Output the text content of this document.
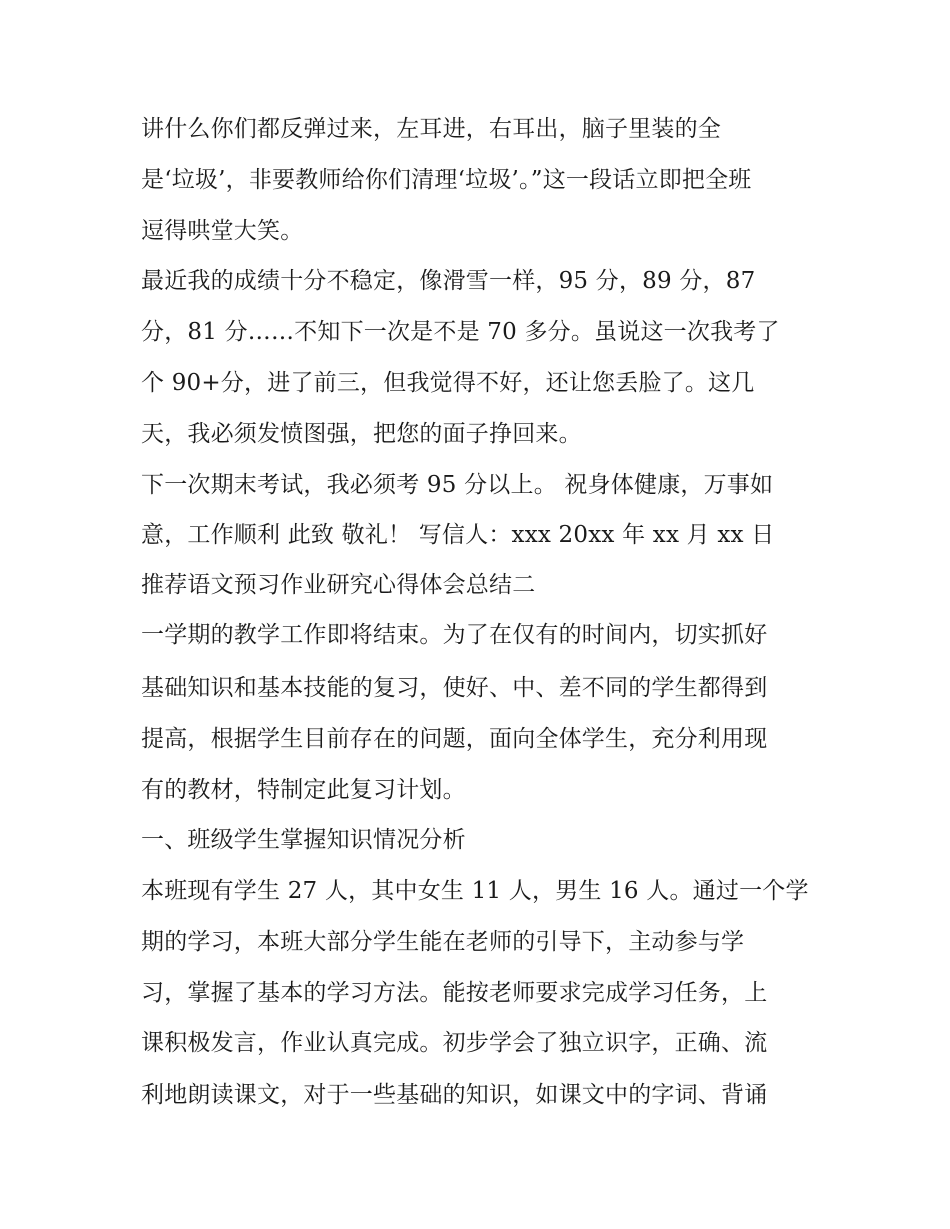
讲什么你们都反弹过来，左耳进，右耳出，脑子里装的全
是‘垃圾’，非要教师给你们清理‘垃圾’。”这一段话立即把全班
逗得哄堂大笑。
最近我的成绩十分不稳定，像滑雪一样，95 分，89 分，87
分，81 分……不知下一次是不是 70 多分。虽说这一次我考了
个 90+分，进了前三，但我觉得不好，还让您丢脸了。这几
天，我必须发愤图强，把您的面子挣回来。
下一次期末考试，我必须考 95 分以上。 祝身体健康，万事如
意，工作顺利 此致 敬礼！ 写信人：xxx 20xx 年 xx 月 xx 日
推荐语文预习作业研究心得体会总结二
一学期的教学工作即将结束。为了在仅有的时间内，切实抓好
基础知识和基本技能的复习，使好、中、差不同的学生都得到
提高，根据学生目前存在的问题，面向全体学生，充分利用现
有的教材，特制定此复习计划。
一、班级学生掌握知识情况分析
本班现有学生 27 人，其中女生 11 人，男生 16 人。通过一个学
期的学习，本班大部分学生能在老师的引导下，主动参与学
习，掌握了基本的学习方法。能按老师要求完成学习任务，上
课积极发言，作业认真完成。初步学会了独立识字，正确、流
利地朗读课文，对于一些基础的知识，如课文中的字词、背诵
